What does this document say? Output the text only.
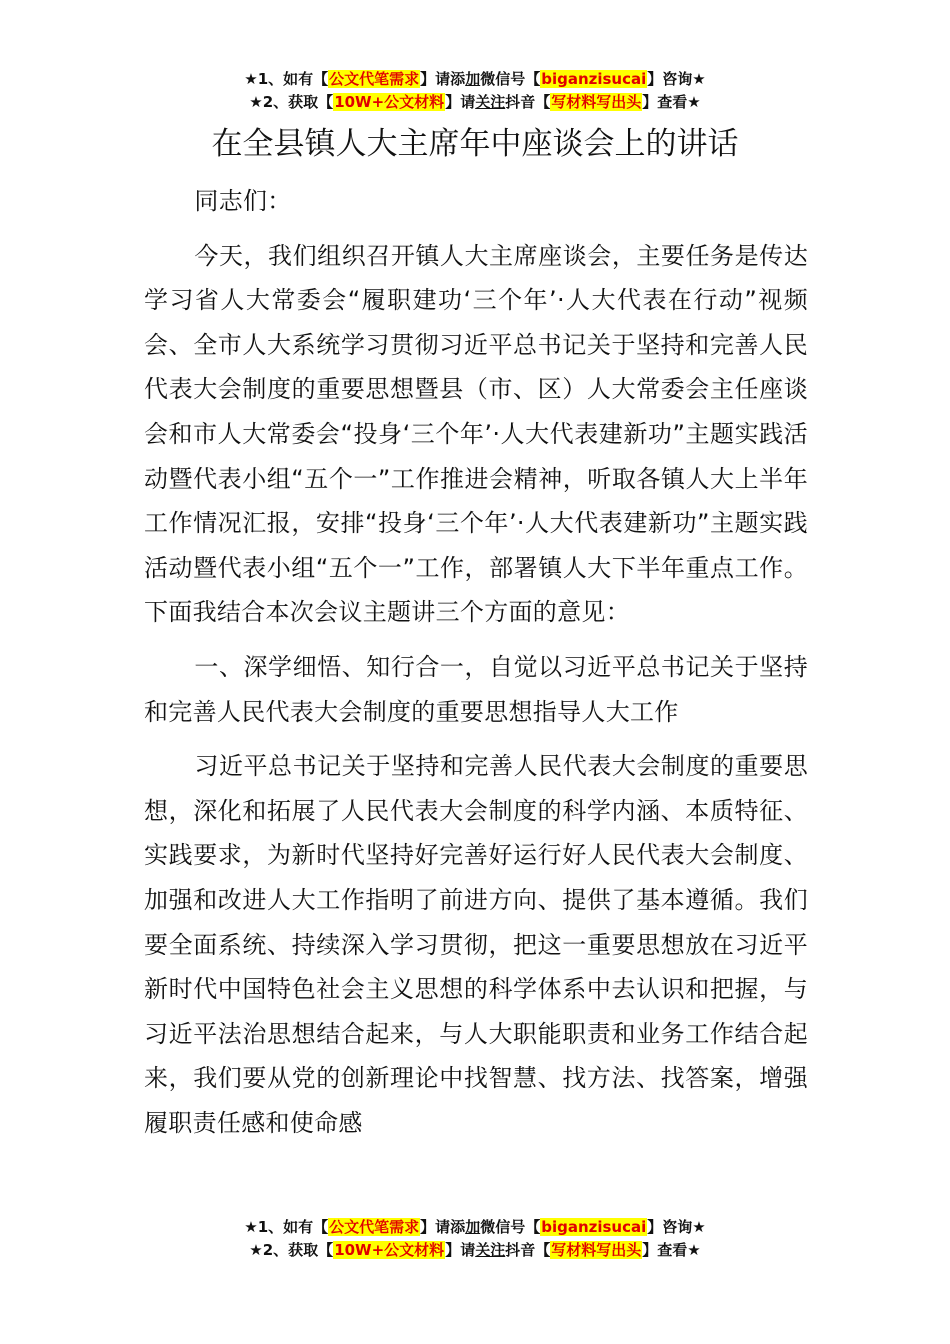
★1、如有【公文代笔需求】请添加微信号【biganzisucai】咨询★
★2、获取【10W+公文材料】请关注抖音【写材料写出头】查看★
在全县镇人大主席年中座谈会上的讲话

同志们：

今天，我们组织召开镇人大主席座谈会，主要任务是传达学习省人大常委会“履职建功‘三个年’·人大代表在行动”视频会、全市人大系统学习贯彻习近平总书记关于坚持和完善人民代表大会制度的重要思想暨县（市、区）人大常委会主任座谈会和市人大常委会“投身‘三个年’·人大代表建新功”主题实践活动暨代表小组“五个一”工作推进会精神，听取各镇人大上半年工作情况汇报，安排“投身‘三个年’·人大代表建新功”主题实践活动暨代表小组“五个一”工作，部署镇人大下半年重点工作。下面我结合本次会议主题讲三个方面的意见：

一、深学细悟、知行合一，自觉以习近平总书记关于坚持和完善人民代表大会制度的重要思想指导人大工作

习近平总书记关于坚持和完善人民代表大会制度的重要思想，深化和拓展了人民代表大会制度的科学内涵、本质特征、实践要求，为新时代坚持好完善好运行好人民代表大会制度、加强和改进人大工作指明了前进方向、提供了基本遵循。我们要全面系统、持续深入学习贯彻，把这一重要思想放在习近平新时代中国特色社会主义思想的科学体系中去认识和把握，与习近平法治思想结合起来，与人大职能职责和业务工作结合起来，我们要从党的创新理论中找智慧、找方法、找答案，增强履职责任感和使命感

★1、如有【公文代笔需求】请添加微信号【biganzisucai】咨询★
★2、获取【10W+公文材料】请关注抖音【写材料写出头】查看★
